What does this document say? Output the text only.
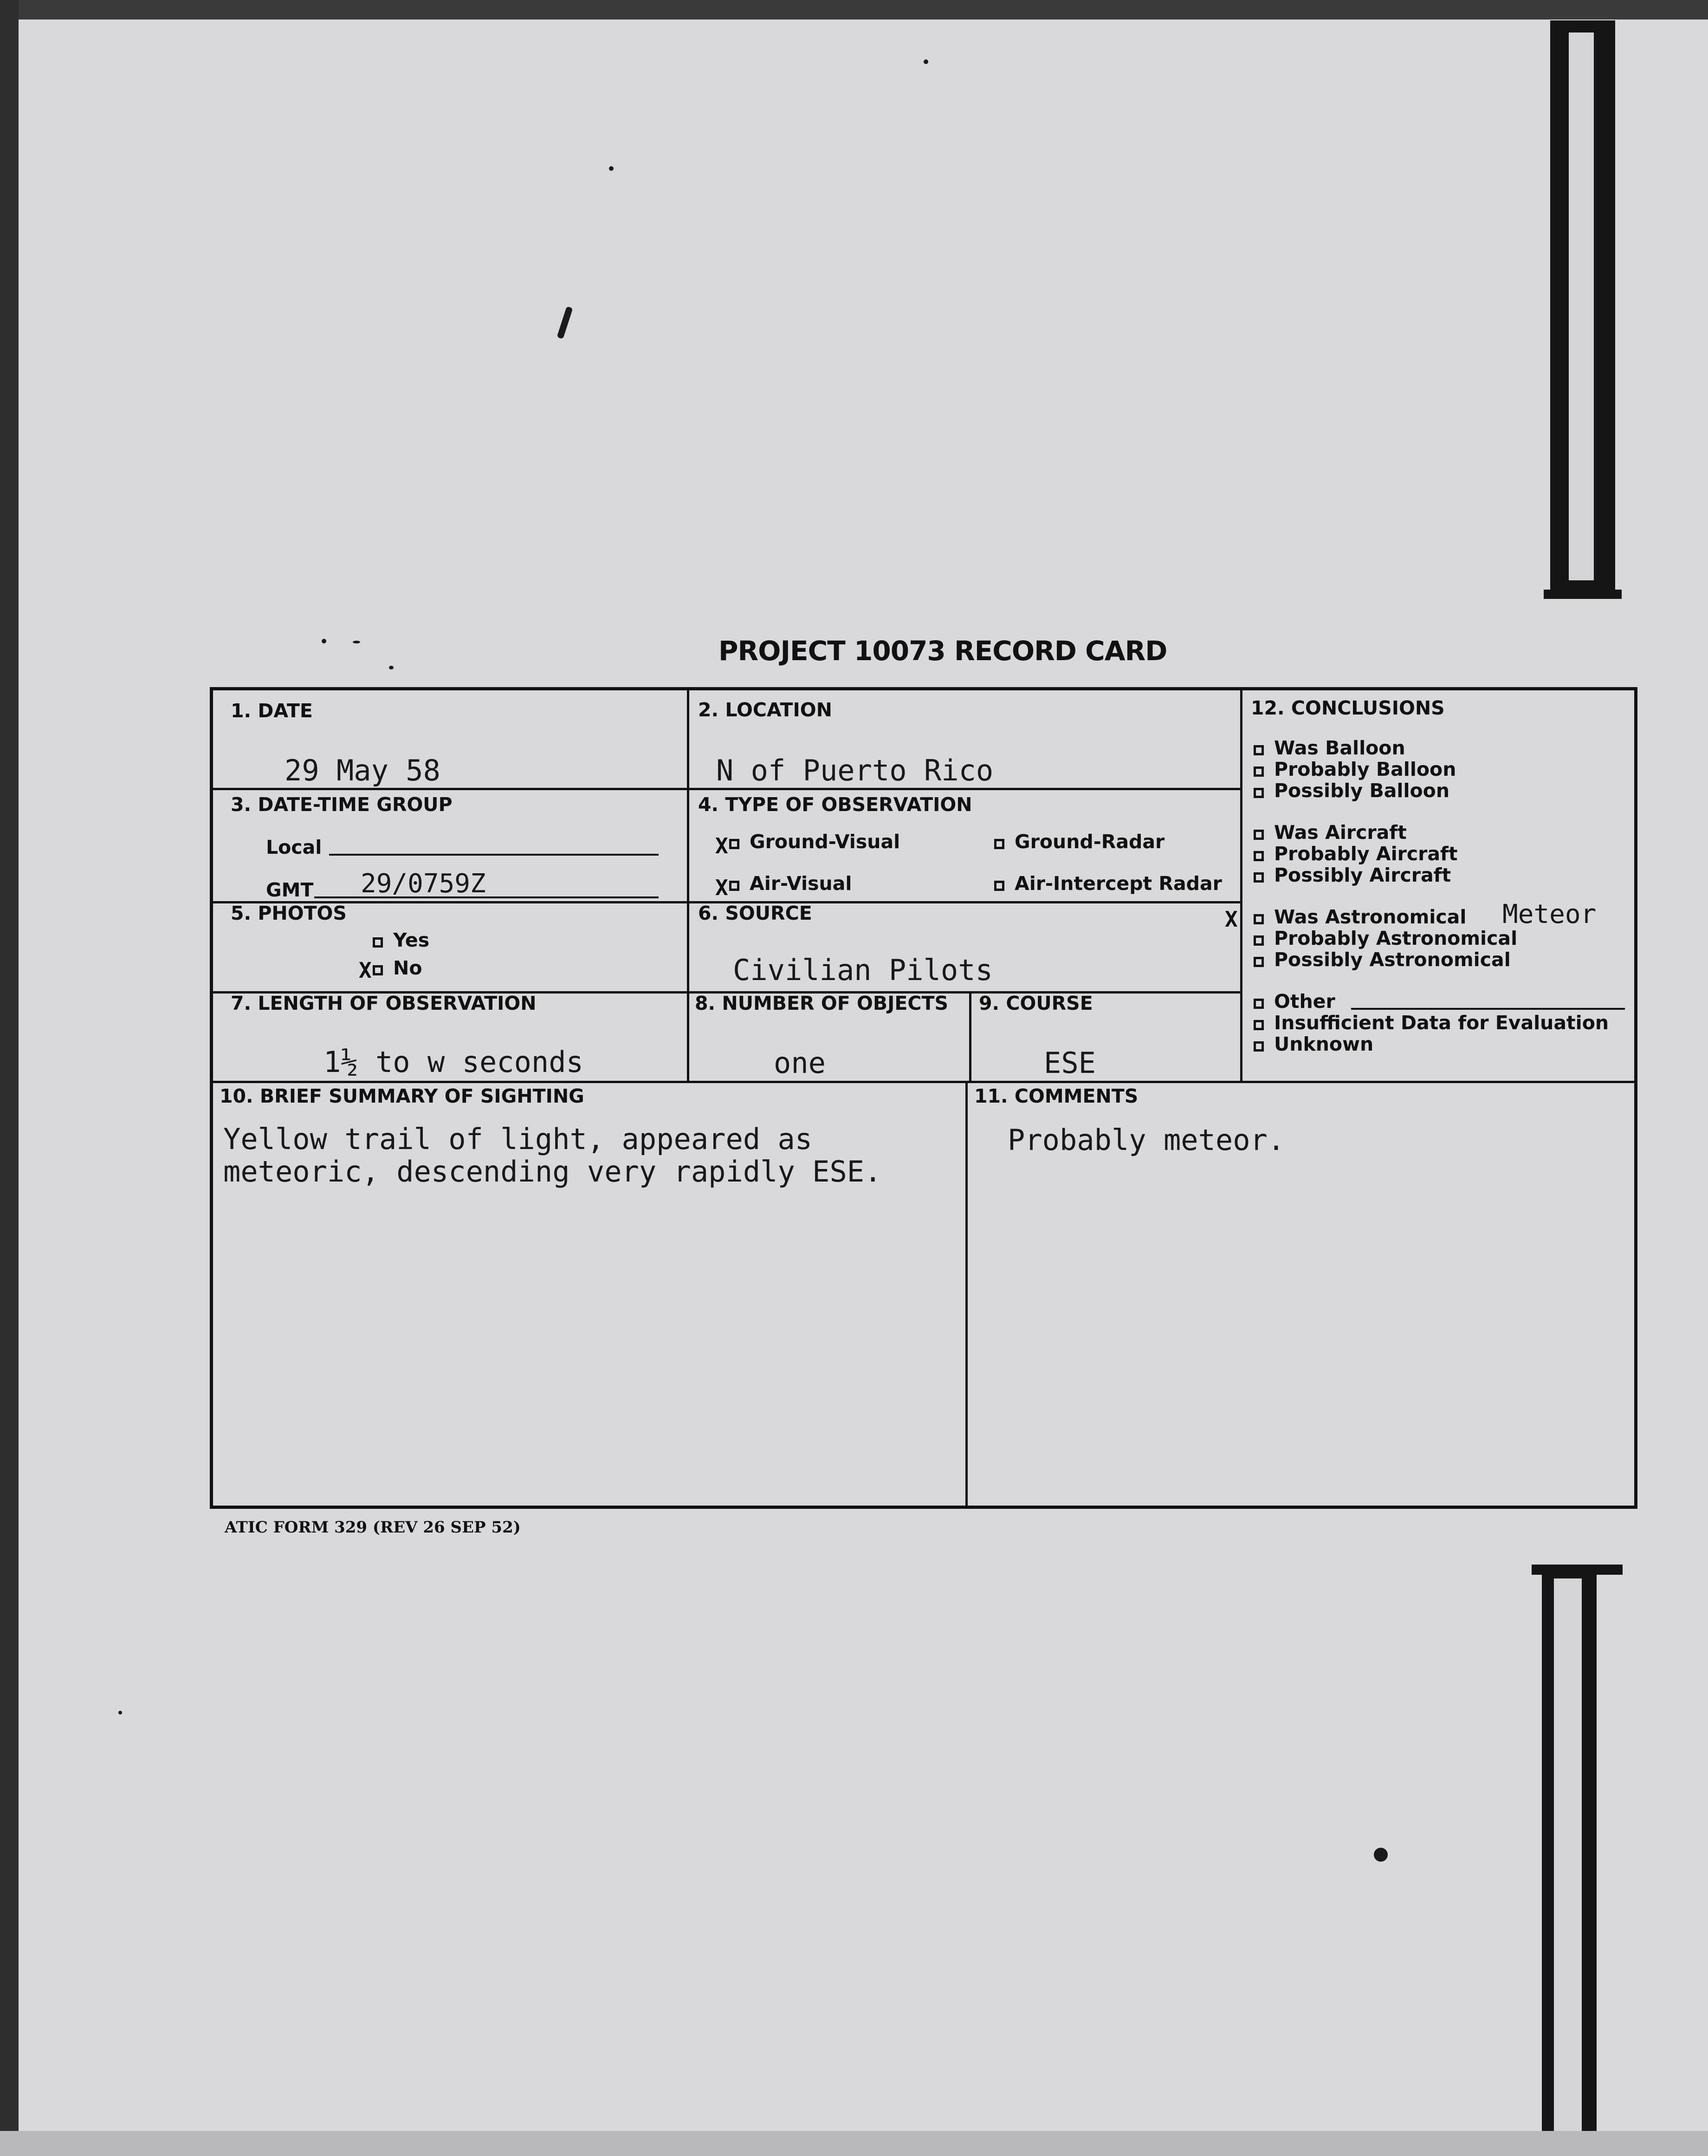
PROJECT 10073 RECORD CARD
1. DATE
29 May 58
2. LOCATION
N of Puerto Rico
3. DATE-TIME GROUP
Local
GMT 29/0759Z
4. TYPE OF OBSERVATION
X	Ground-Visual	Ground-Radar
X	Air-Visual	Air-Intercept Radar
5. PHOTOS
Yes
X	No
6. SOURCE
Civilian Pilots
7. LENGTH OF OBSERVATION
1½ to w seconds
8. NUMBER OF OBJECTS
one
9. COURSE
ESE
10. BRIEF SUMMARY OF SIGHTING
Yellow trail of light, appeared as
meteoric, descending very rapidly ESE.
11. COMMENTS
Probably meteor.
12. CONCLUSIONS
Was Balloon
Probably Balloon
Possibly Balloon
Was Aircraft
Probably Aircraft
Possibly Aircraft
X	Was Astronomical Meteor
Probably Astronomical
Possibly Astronomical
Other
Insufficient Data for Evaluation
Unknown
ATIC FORM 329 (REV 26 SEP 52)
